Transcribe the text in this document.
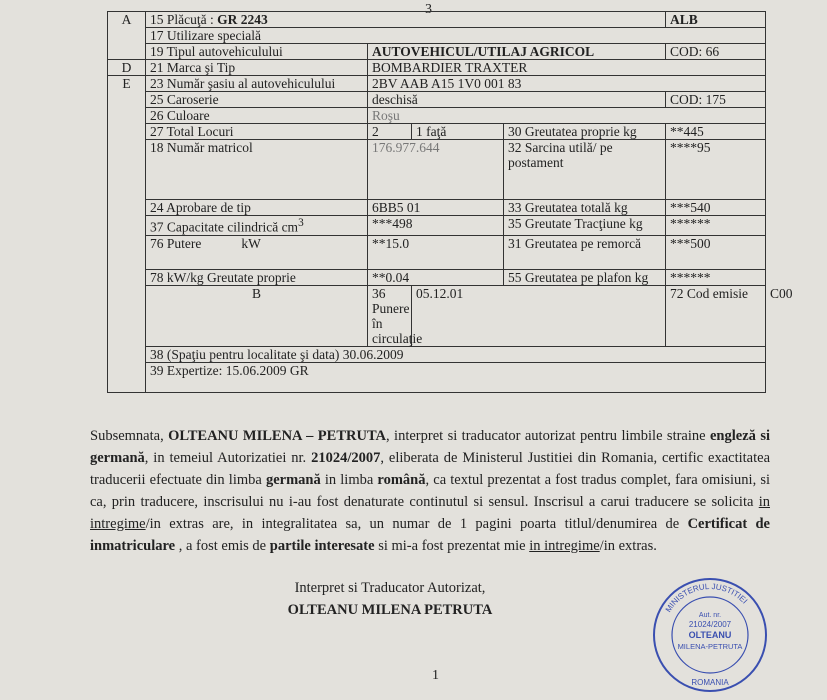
3
A	15 Plăcuţă : GR 2243				ALB	
	17 Utilizare specială					
	19 Tipul autovehiculului	AUTOVEHICUL/UTILAJ AGRICOL			COD: 66	
D	21 Marca şi Tip	BOMBARDIER TRAXTER				
E	23 Număr şasiu al autovehiculului	2BV AAB A15 1V0 001 83				
	25 Caroserie	deschisă			COD: 175	
	26 Culoare	Roşu				
	27 Total Locuri	2	1 faţă	30 Greutatea proprie kg	**445	
	18 Număr matricol	176.977.644		32 Sarcina utilă/ pe postament	****95	
	24 Aprobare de tip	6BB5 01		33 Greutatea totală kg	***540	
	37 Capacitate cilindrică $cm^3$	***498		35 Greutate Tracţiune kg	******	
	76 Putere kW	**15.0		31 Greutatea pe remorcă	***500	
	78 kW/kg Greutate proprie	**0.04		55 Greutatea pe plafon kg	******	
	B	36 Punere în circulaţie	05.12.01		72 Cod emisie	C00
	38 (Spaţiu pentru localitate şi data) 30.06.2009					
	39 Expertize: 15.06.2009 GR					
Subsemnata, OLTEANU MILENA – PETRUTA, interpret si traducator autorizat pentru limbile straine engleză si germană, in temeiul Autorizatiei nr. 21024/2007, eliberata de Ministerul Justitiei din Romania, certific exactitatea traducerii efectuate din limba germană in limba română, ca textul prezentat a fost tradus complet, fara omisiuni, si ca, prin traducere, inscrisului nu i-au fost denaturate continutul si sensul. Inscrisul a carui traducere se solicita in intregime/in extras are, in integralitatea sa, un numar de 1 pagini poarta titlul/denumirea de Certificat de inmatriculare , a fost emis de partile interesate si mi-a fost prezentat mie in intregime/in extras.
Interpret si Traducator Autorizat,
OLTEANU MILENA PETRUTA	MINISTERUL JUSTITIEI
Aut. nr.
21024/2007
OLTEANU
MILENA-PETRUTA
ROMANIA
1
